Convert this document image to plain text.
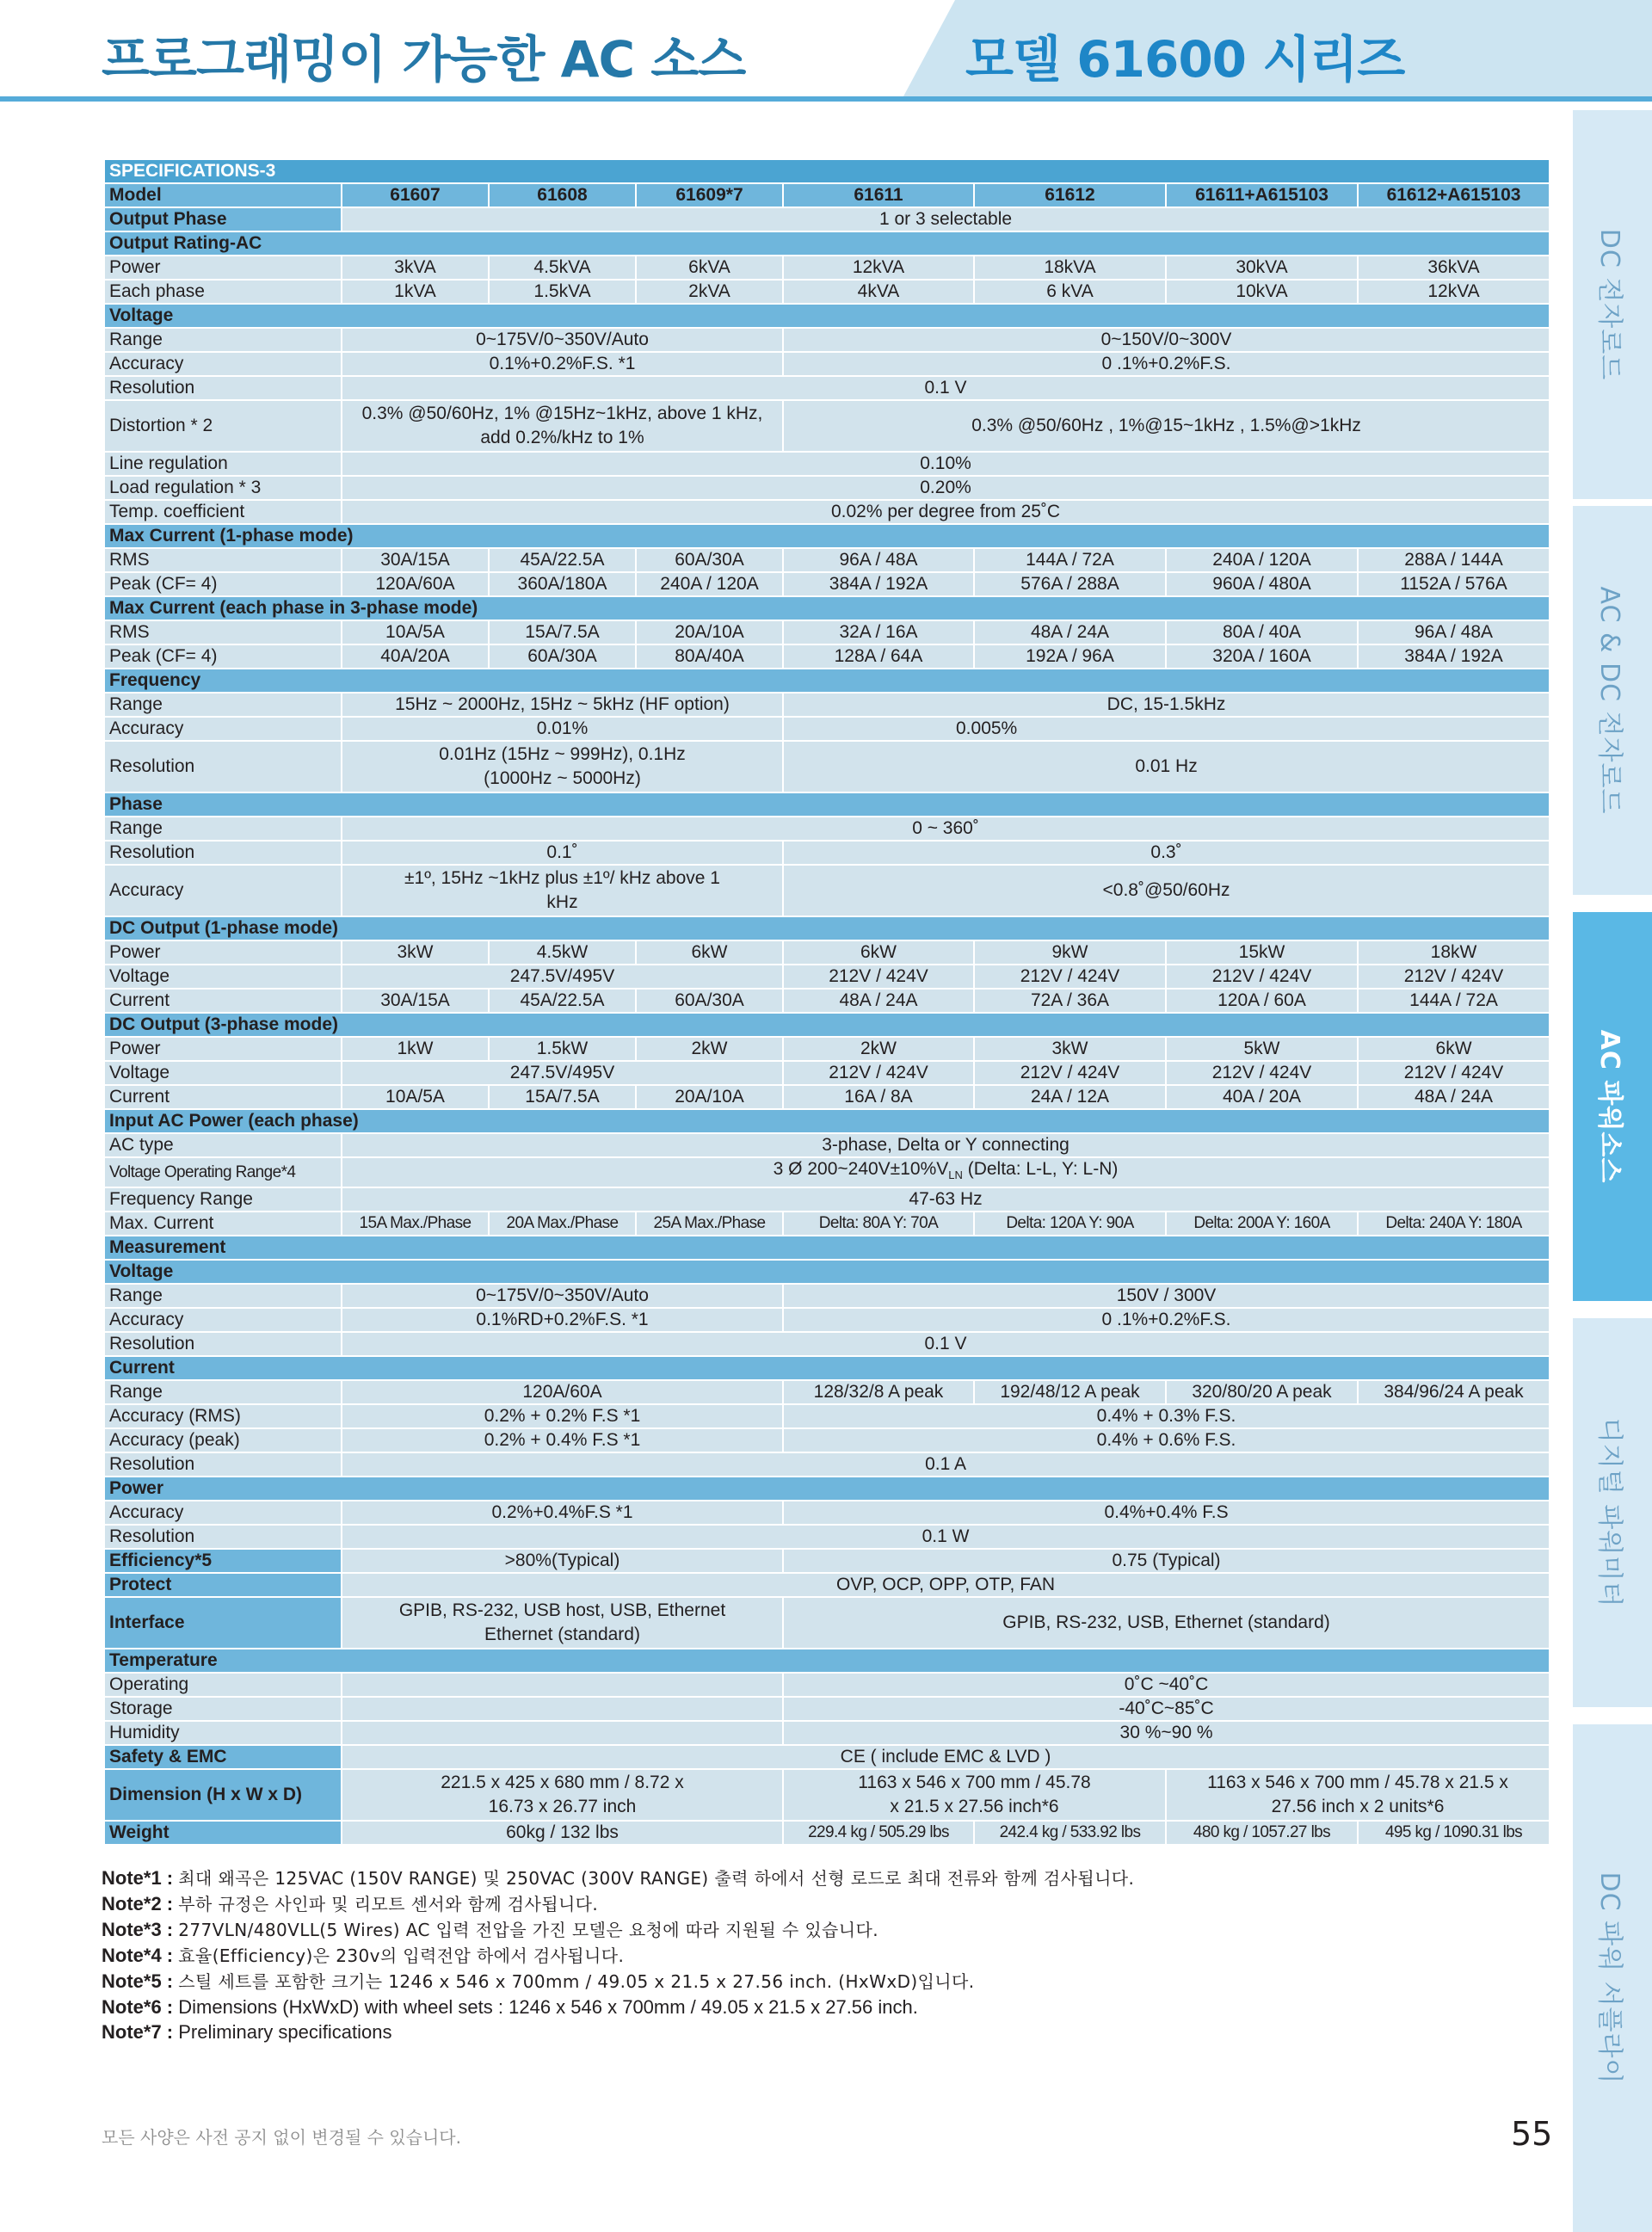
프로그래밍이 가능한 AC 소스	모델 61600 시리즈
DC 전자로드
AC & DC 전자로드
AC 파워소스
디지털 파워미터
DC 파워 서플라이
SPECIFICATIONS-3							
Model	61607	61608	61609*7	61611	61612	61611+A615103	61612+A615103
Output Phase	1 or 3 selectable						
Output Rating-AC							
Power	3kVA	4.5kVA	6kVA	12kVA	18kVA	30kVA	36kVA
Each phase	1kVA	1.5kVA	2kVA	4kVA	6 kVA	10kVA	12kVA
Voltage							
Range	0~175V/0~350V/Auto			0~150V/0~300V			
Accuracy	0.1%+0.2%F.S. *1			0 .1%+0.2%F.S.			
Resolution	0.1 V						
Distortion * 2	0.3% @50/60Hz, 1% @15Hz~1kHz, above 1 kHz, add 0.2%/kHz to 1%			0.3% @50/60Hz , 1%@15~1kHz , 1.5%@>1kHz			
Line regulation	0.10%						
Load regulation * 3	0.20%						
Temp. coefficient	0.02% per degree from 25˚C						
Max Current (1-phase mode)							
RMS	30A/15A	45A/22.5A	60A/30A	96A / 48A	144A / 72A	240A / 120A	288A / 144A
Peak (CF= 4)	120A/60A	360A/180A	240A / 120A	384A / 192A	576A / 288A	960A / 480A	1152A / 576A
Max Current (each phase in 3-phase mode)							
RMS	10A/5A	15A/7.5A	20A/10A	32A / 16A	48A / 24A	80A / 40A	96A / 48A
Peak (CF= 4)	40A/20A	60A/30A	80A/40A	128A / 64A	192A / 96A	320A / 160A	384A / 192A
Frequency							
Range	15Hz ~ 2000Hz, 15Hz ~ 5kHz (HF option)			DC, 15-1.5kHz			
Accuracy	0.01%			0.005%			
Resolution	0.01Hz (15Hz ~ 999Hz), 0.1Hz (1000Hz ~ 5000Hz)			0.01 Hz			
Phase							
Range	0 ~ 360˚						
Resolution	0.1˚			0.3˚			
Accuracy	±1º, 15Hz ~1kHz plus ±1º/ kHz above 1 kHz			<0.8˚@50/60Hz			
DC Output (1-phase mode)							
Power	3kW	4.5kW	6kW	6kW	9kW	15kW	18kW
Voltage	247.5V/495V			212V / 424V	212V / 424V	212V / 424V	212V / 424V
Current	30A/15A	45A/22.5A	60A/30A	48A / 24A	72A / 36A	120A / 60A	144A / 72A
DC Output (3-phase mode)							
Power	1kW	1.5kW	2kW	2kW	3kW	5kW	6kW
Voltage	247.5V/495V			212V / 424V	212V / 424V	212V / 424V	212V / 424V
Current	10A/5A	15A/7.5A	20A/10A	16A / 8A	24A / 12A	40A / 20A	48A / 24A
Input AC Power (each phase)							
AC type	3-phase, Delta or Y connecting						
Voltage Operating Range*4	3 Ø $200\sim 240V\pm 10\%V_{LN}$ (Delta: L-L, Y: L-N)						
Frequency Range	47-63 Hz						
Max. Current	15A Max./Phase	20A Max./Phase	25A Max./Phase	Delta: 80A Y: 70A	Delta: 120A Y: 90A	Delta: 200A Y: 160A	Delta: 240A Y: 180A
Measurement							
Voltage							
Range	0~175V/0~350V/Auto			150V / 300V			
Accuracy	0.1%RD+0.2%F.S. *1			0 .1%+0.2%F.S.			
Resolution	0.1 V						
Current							
Range	120A/60A			128/32/8 A peak	192/48/12 A peak	320/80/20 A peak	384/96/24 A peak
Accuracy (RMS)	0.2% + 0.2% F.S *1			0.4% + 0.3% F.S.			
Accuracy (peak)	0.2% + 0.4% F.S *1			0.4% + 0.6% F.S.			
Resolution	0.1 A						
Power							
Accuracy	0.2%+0.4%F.S *1			0.4%+0.4% F.S			
Resolution	0.1 W						
Efficiency*5	>80%(Typical)			0.75 (Typical)			
Protect	OVP, OCP, OPP, OTP, FAN						
Interface	GPIB, RS-232, USB host, USB, Ethernet Ethernet (standard)			GPIB, RS-232, USB, Ethernet (standard)			
Temperature							
Operating				0˚C ~40˚C			
Storage				-40˚C~85˚C			
Humidity				30 %~90 %			
Safety & EMC	CE ( include EMC & LVD )						
Dimension (H x W x D)	221.5 x 425 x 680 mm / 8.72 x 16.73 x 26.77 inch			1163 x 546 x 700 mm / 45.78 x 21.5 x 27.56 inch*6		1163 x 546 x 700 mm / 45.78 x 21.5 x 27.56 inch x 2 units*6	
Weight	60kg / 132 lbs			229.4 kg / 505.29 lbs	242.4 kg / 533.92 lbs	480 kg / 1057.27 lbs	495 kg / 1090.31 lbs
Note*1 : 최대 왜곡은 125VAC (150V RANGE) 및 250VAC (300V RANGE) 출력 하에서 선형 로드로 최대 전류와 함께 검사됩니다.
Note*2 : 부하 규정은 사인파 및 리모트 센서와 함께 검사됩니다.
Note*3 : 277VLN/480VLL(5 Wires) AC 입력 전압을 가진 모델은 요청에 따라 지원될 수 있습니다.
Note*4 : 효율(Efficiency)은 230v의 입력전압 하에서 검사됩니다.
Note*5 : 스틸 세트를 포함한 크기는 1246 x 546 x 700mm / 49.05 x 21.5 x 27.56 inch. (HxWxD)입니다.
Note*6 : Dimensions (HxWxD) with wheel sets : 1246 x 546 x 700mm / 49.05 x 21.5 x 27.56 inch.
Note*7 : Preliminary specifications
모든 사양은 사전 공지 없이 변경될 수 있습니다.	55
